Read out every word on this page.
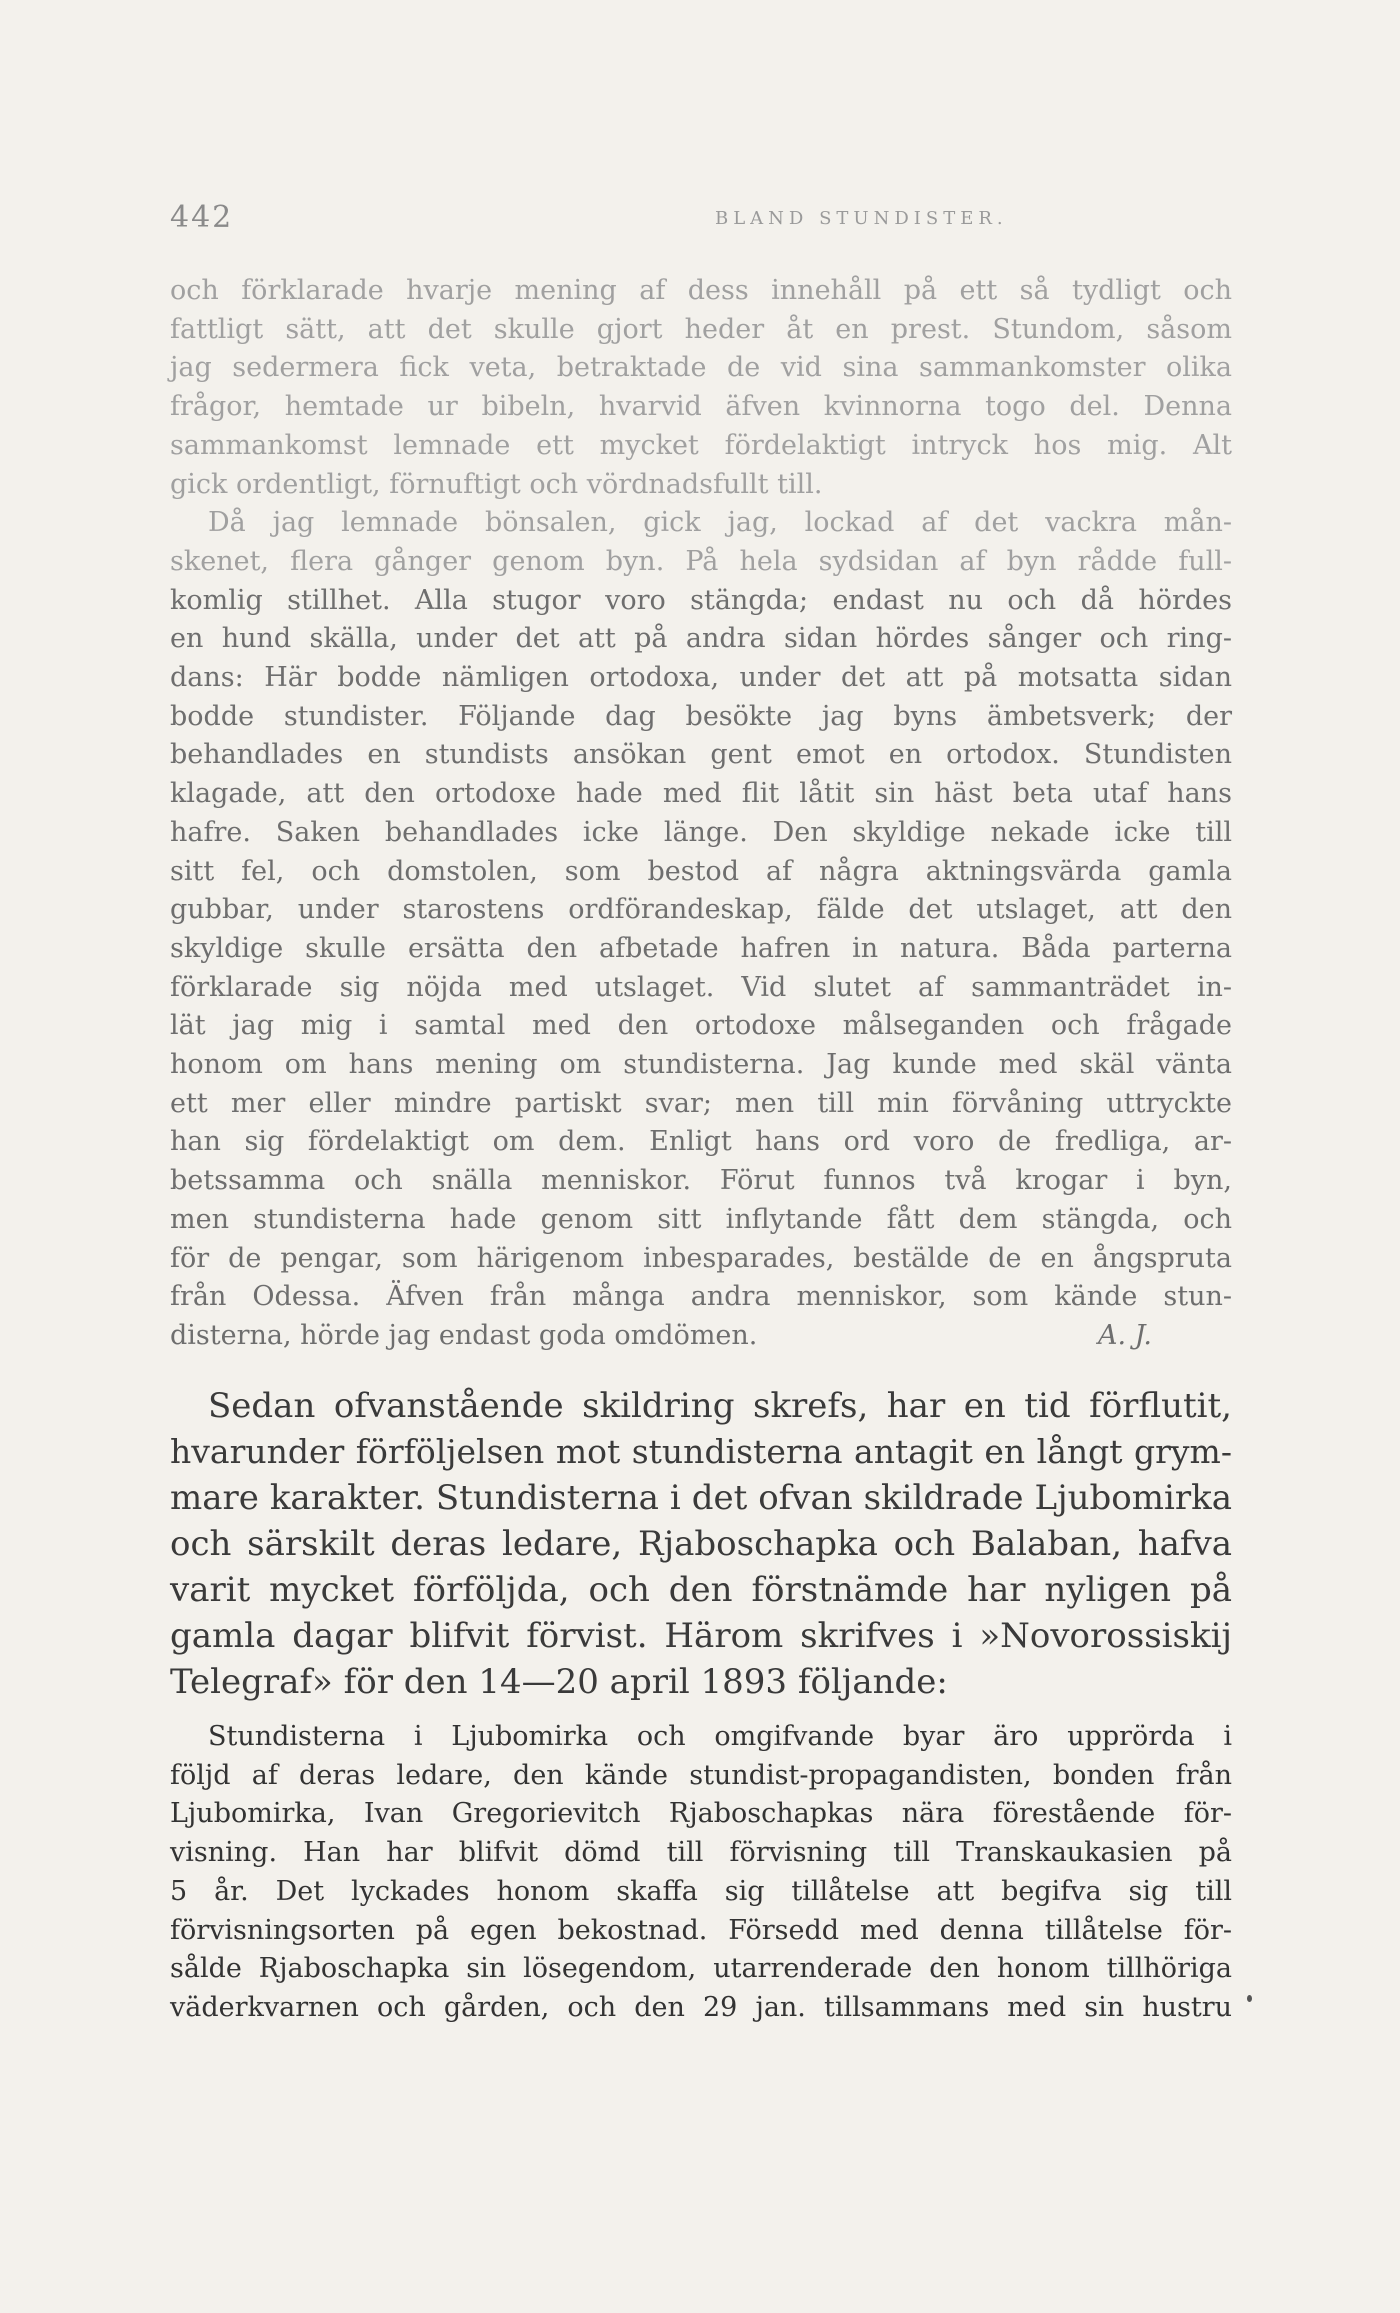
442	BLAND STUNDISTER.
och förklarade hvarje mening af dess innehåll på ett så tydligt och
fattligt sätt, att det skulle gjort heder åt en prest. Stundom, såsom
jag sedermera fick veta, betraktade de vid sina sammankomster olika
frågor, hemtade ur bibeln, hvarvid äfven kvinnorna togo del. Denna
sammankomst lemnade ett mycket fördelaktigt intryck hos mig. Alt
gick ordentligt, förnuftigt och vördnadsfullt till.
Då jag lemnade bönsalen, gick jag, lockad af det vackra mån-
skenet, flera gånger genom byn. På hela sydsidan af byn rådde full-
komlig stillhet. Alla stugor voro stängda; endast nu och då hördes
en hund skälla, under det att på andra sidan hördes sånger och ring-
dans: Här bodde nämligen ortodoxa, under det att på motsatta sidan
bodde stundister. Följande dag besökte jag byns ämbetsverk; der
behandlades en stundists ansökan gent emot en ortodox. Stundisten
klagade, att den ortodoxe hade med flit låtit sin häst beta utaf hans
hafre. Saken behandlades icke länge. Den skyldige nekade icke till
sitt fel, och domstolen, som bestod af några aktningsvärda gamla
gubbar, under starostens ordförandeskap, fälde det utslaget, att den
skyldige skulle ersätta den afbetade hafren in natura. Båda parterna
förklarade sig nöjda med utslaget. Vid slutet af sammanträdet in-
lät jag mig i samtal med den ortodoxe målseganden och frågade
honom om hans mening om stundisterna. Jag kunde med skäl vänta
ett mer eller mindre partiskt svar; men till min förvåning uttryckte
han sig fördelaktigt om dem. Enligt hans ord voro de fredliga, ar-
betssamma och snälla menniskor. Förut funnos två krogar i byn,
men stundisterna hade genom sitt inflytande fått dem stängda, och
för de pengar, som härigenom inbesparades, bestälde de en ångspruta
från Odessa. Äfven från många andra menniskor, som kände stun-
disterna, hörde jag endast goda omdömen.	A. J.
Sedan ofvanstående skildring skrefs, har en tid förflutit,
hvarunder förföljelsen mot stundisterna antagit en långt grym-
mare karakter. Stundisterna i det ofvan skildrade Ljubomirka
och särskilt deras ledare, Rjaboschapka och Balaban, hafva
varit mycket förföljda, och den förstnämde har nyligen på
gamla dagar blifvit förvist. Härom skrifves i »Novorossiskij
Telegraf» för den 14—20 april 1893 följande:
Stundisterna i Ljubomirka och omgifvande byar äro upprörda i
följd af deras ledare, den kände stundist-propagandisten, bonden från
Ljubomirka, Ivan Gregorievitch Rjaboschapkas nära förestående för-
visning. Han har blifvit dömd till förvisning till Transkaukasien på
5 år. Det lyckades honom skaffa sig tillåtelse att begifva sig till
förvisningsorten på egen bekostnad. Försedd med denna tillåtelse för-
sålde Rjaboschapka sin lösegendom, utarrenderade den honom tillhöriga
väderkvarnen och gården, och den 29 jan. tillsammans med sin hustru
